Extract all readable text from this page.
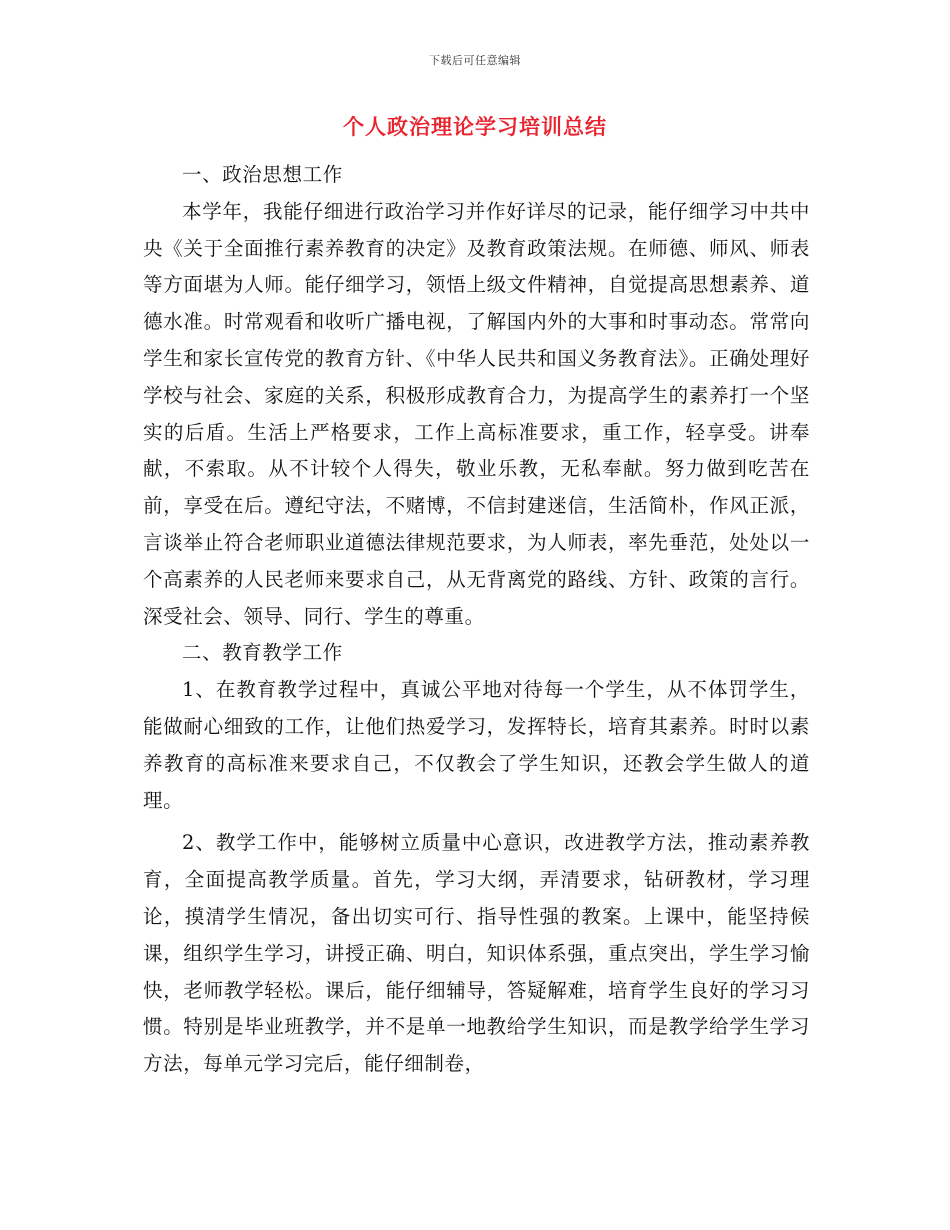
下载后可任意编辑
个人政治理论学习培训总结

一、政治思想工作

本学年，我能仔细进行政治学习并作好详尽的记录，能仔细学习中共中央《关于全面推行素养教育的决定》及教育政策法规。在师德、师风、师表等方面堪为人师。能仔细学习，领悟上级文件精神，自觉提高思想素养、道德水准。时常观看和收听广播电视，了解国内外的大事和时事动态。常常向学生和家长宣传党的教育方针、《中华人民共和国义务教育法》。正确处理好学校与社会、家庭的关系，积极形成教育合力，为提高学生的素养打一个坚实的后盾。生活上严格要求，工作上高标准要求，重工作，轻享受。讲奉献，不索取。从不计较个人得失，敬业乐教，无私奉献。努力做到吃苦在前，享受在后。遵纪守法，不赌博，不信封建迷信，生活简朴，作风正派，言谈举止符合老师职业道德法律规范要求，为人师表，率先垂范，处处以一个高素养的人民老师来要求自己，从无背离党的路线、方针、政策的言行。深受社会、领导、同行、学生的尊重。

二、教育教学工作

1、在教育教学过程中，真诚公平地对待每一个学生，从不体罚学生，能做耐心细致的工作，让他们热爱学习，发挥特长，培育其素养。时时以素养教育的高标准来要求自己，不仅教会了学生知识，还教会学生做人的道理。

2、教学工作中，能够树立质量中心意识，改进教学方法，推动素养教育，全面提高教学质量。首先，学习大纲，弄清要求，钻研教材，学习理论，摸清学生情况，备出切实可行、指导性强的教案。上课中，能坚持候课，组织学生学习，讲授正确、明白，知识体系强，重点突出，学生学习愉快，老师教学轻松。课后，能仔细辅导，答疑解难，培育学生良好的学习习惯。特别是毕业班教学，并不是单一地教给学生知识，而是教学给学生学习方法，每单元学习完后，能仔细制卷，
